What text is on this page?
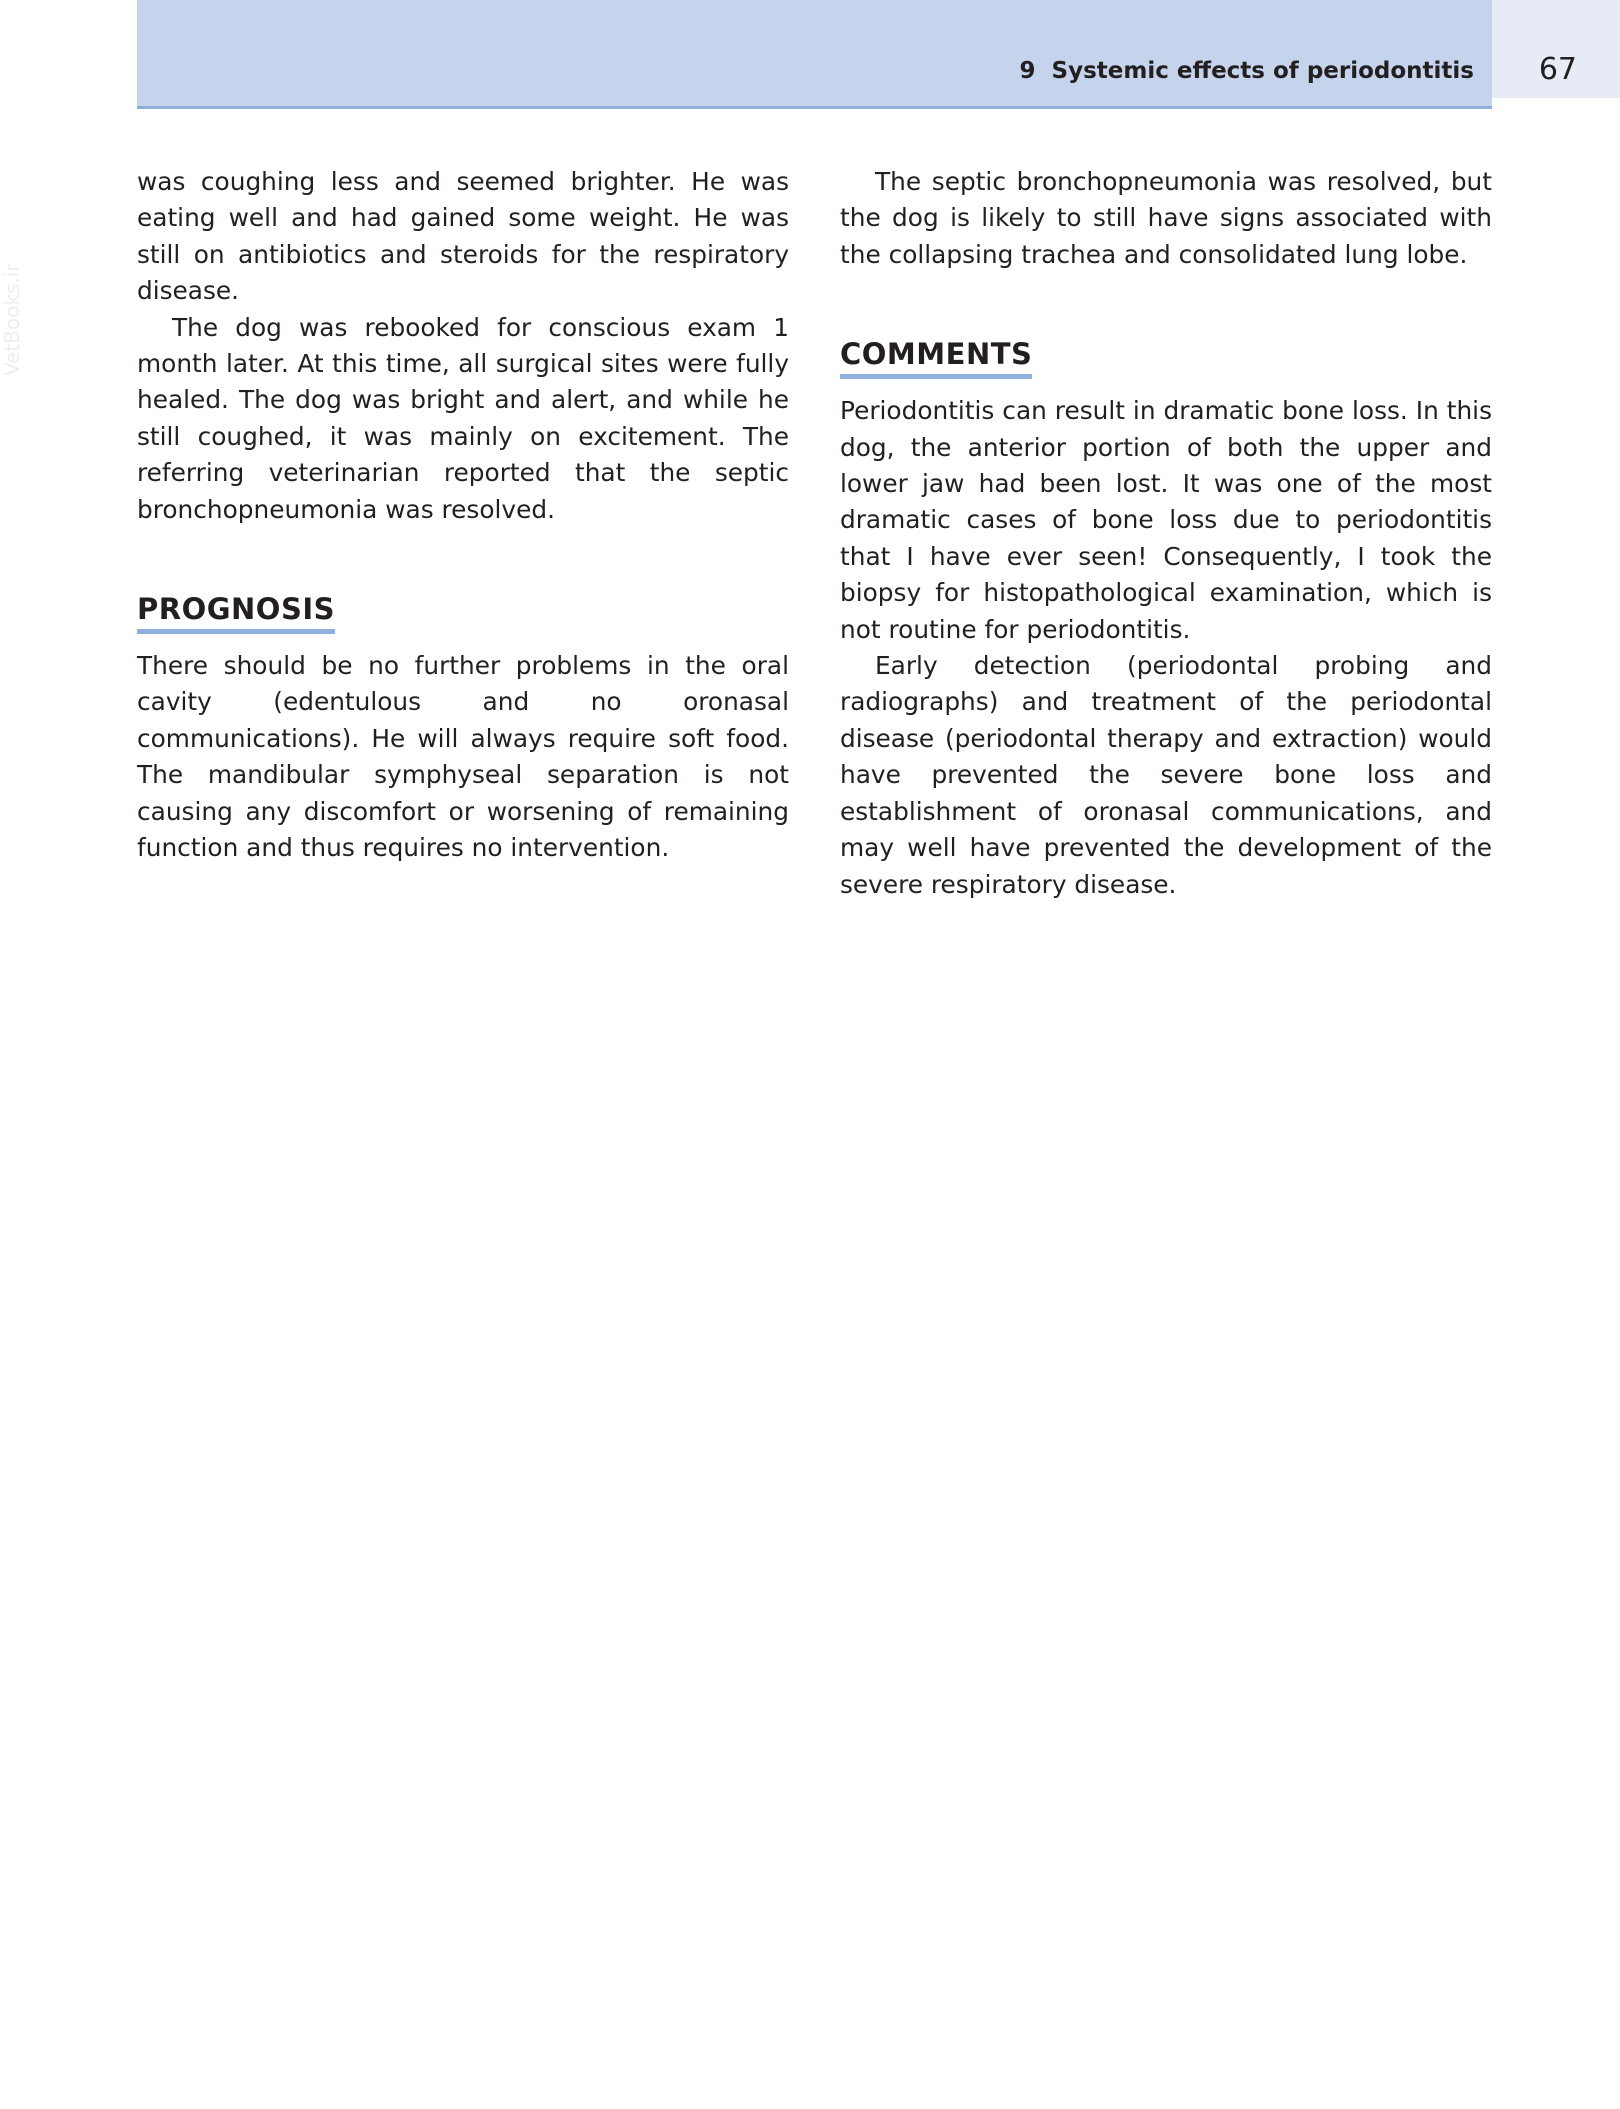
9 Systemic effects of periodontitis	67
VetBooks.ir

was coughing less and seemed brighter. He was eating well and had gained some weight. He was still on antibiotics and steroids for the respiratory disease.

The dog was rebooked for conscious exam 1 month later. At this time, all surgical sites were fully healed. The dog was bright and alert, and while he still coughed, it was mainly on excitement. The referring veterinarian reported that the septic bronchopneumonia was resolved.

PROGNOSIS

There should be no further problems in the oral cavity (edentulous and no oronasal communications). He will always require soft food. The mandibular symphyseal separation is not causing any discomfort or worsening of remaining function and thus requires no intervention.

The septic bronchopneumonia was resolved, but the dog is likely to still have signs associated with the collapsing trachea and consolidated lung lobe.

COMMENTS

Periodontitis can result in dramatic bone loss. In this dog, the anterior portion of both the upper and lower jaw had been lost. It was one of the most dramatic cases of bone loss due to periodontitis that I have ever seen! Consequently, I took the biopsy for histopathological examination, which is not routine for periodontitis.

Early detection (periodontal probing and radiographs) and treatment of the periodontal disease (periodontal therapy and extraction) would have prevented the severe bone loss and establishment of oronasal communications, and may well have prevented the development of the severe respiratory disease.
